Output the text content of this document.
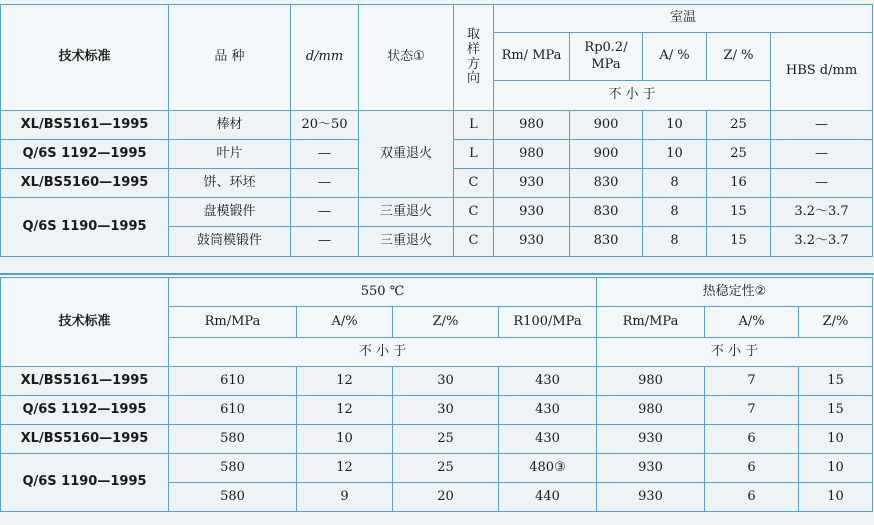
技术标准	品 种	d/mm	状态①	取样方向	室温				
					Rm/ MPa	Rp0.2/ MPa	A/ %	Z/ %	HBS d/mm
					不 小 于				
XL/BS5161—1995	棒材	20～50	双重退火	L	980	900	10	25	—
Q/6S 1192—1995	叶片	—		L	980	900	10	25	—
XL/BS5160—1995	饼、环坯	—		C	930	830	8	16	—
Q/6S 1190—1995	盘模锻件	—	三重退火	C	930	830	8	15	3.2～3.7
	鼓筒模锻件	—	三重退火	C	930	830	8	15	3.2～3.7
技术标准	550 ℃				热稳定性②		
	Rm/MPa	A/%	Z/%	R100/MPa	Rm/MPa	A/%	Z/%
	不 小 于				不 小 于		
XL/BS5161—1995	610	12	30	430	980	7	15
Q/6S 1192—1995	610	12	30	430	980	7	15
XL/BS5160—1995	580	10	25	430	930	6	10
Q/6S 1190—1995	580	12	25	480③	930	6	10
	580	9	20	440	930	6	10
